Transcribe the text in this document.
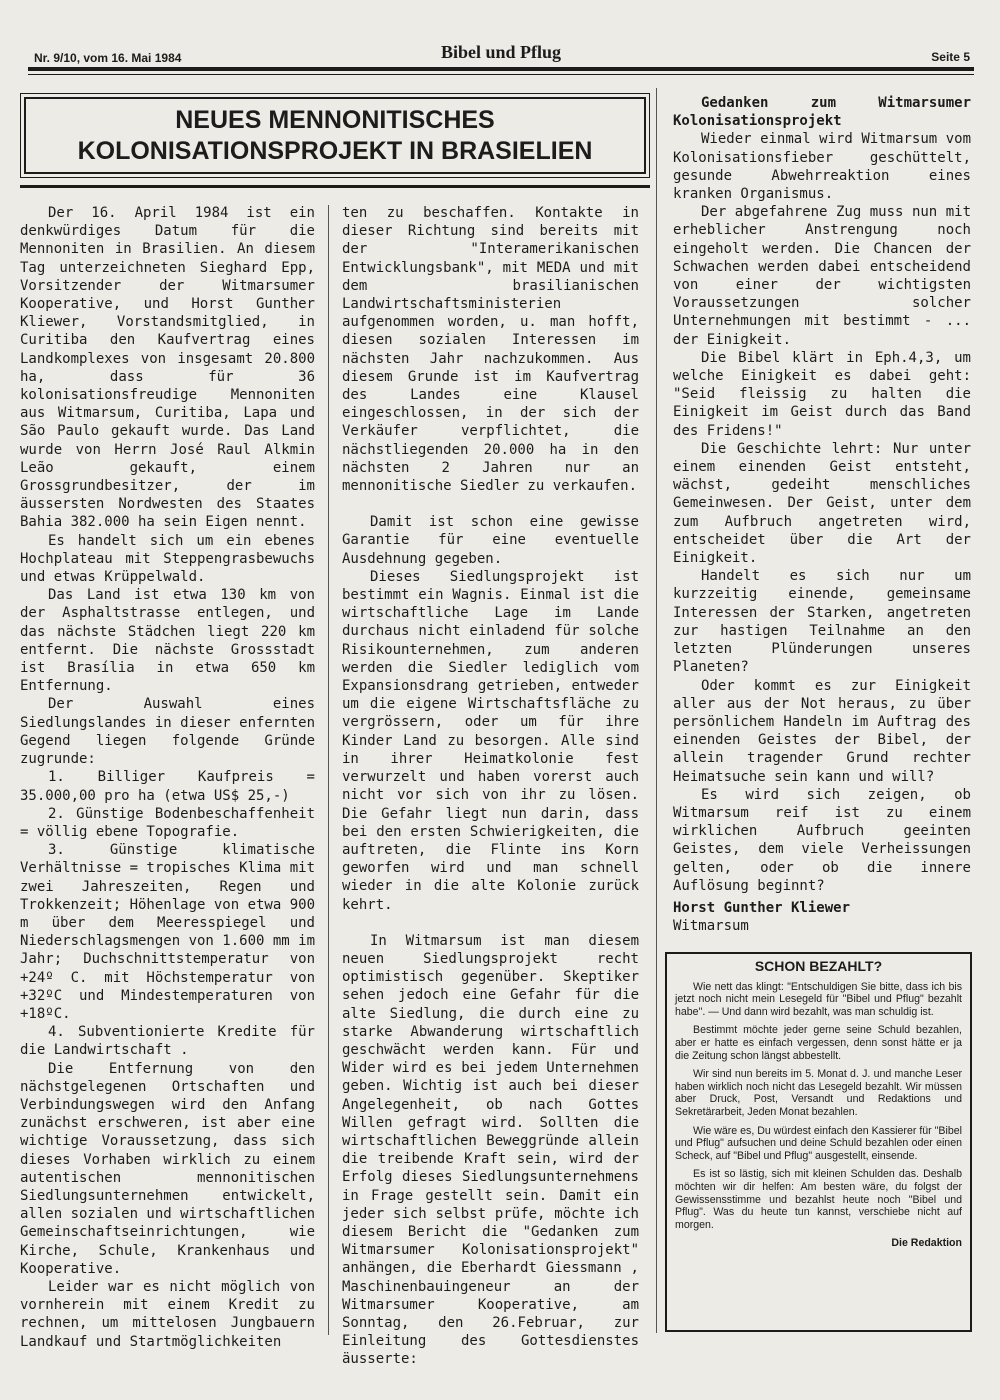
Nr. 9/10, vom 16. Mai 1984	Bibel und Pflug	Seite 5
NEUES MENNONITISCHES
KOLONISATIONSPROJEKT IN BRASIELIEN

Der 16. April 1984 ist ein denkwürdiges Datum für die Mennoniten in Brasilien. An diesem Tag unterzeichneten Sieghard Epp, Vorsitzender der Witmarsumer Kooperative, und Horst Gunther Kliewer, Vorstandsmitglied, in Curitiba den Kaufvertrag eines Landkomplexes von insgesamt 20.800 ha, dass für 36 kolonisationsfreudige Mennoniten aus Witmarsum, Curitiba, Lapa und São Paulo gekauft wurde. Das Land wurde von Herrn José Raul Alkmin Leão gekauft, einem Grossgrundbesitzer, der im äussersten Nordwesten des Staates Bahia 382.000 ha sein Eigen nennt.

Es handelt sich um ein ebenes Hochplateau mit Steppengrasbewuchs und etwas Krüppelwald.

Das Land ist etwa 130 km von der Asphaltstrasse entlegen, und das nächste Städchen liegt 220 km entfernt. Die nächste Grossstadt ist Brasília in etwa 650 km Entfernung.

Der Auswahl eines Siedlungslandes in dieser enfernten Gegend liegen folgende Gründe zugrunde:

1. Billiger Kaufpreis = 35.000,00 pro ha (etwa US$ 25,-)

2. Günstige Bodenbeschaffenheit = völlig ebene Topografie.

3. Günstige klimatische Verhältnisse = tropisches Klima mit zwei Jahreszeiten, Regen und Trokkenzeit; Höhenlage von etwa 900 m über dem Meeresspiegel und Niederschlagsmengen von 1.600 mm im Jahr; Duchschnittstemperatur von +24º C. mit Höchstemperatur von +32ºC und Mindestemperaturen von +18ºC.

4. Subventionierte Kredite für die Landwirtschaft .

Die Entfernung von den nächstgelegenen Ortschaften und Verbindungswegen wird den Anfang zunächst erschweren, ist aber eine wichtige Voraussetzung, dass sich dieses Vorhaben wirklich zu einem autentischen mennonitischen Siedlungsunternehmen entwickelt, allen sozialen und wirtschaftlichen Gemeinschaftseinrichtungen, wie Kirche, Schule, Krankenhaus und Kooperative.

Leider war es nicht möglich von vornherein mit einem Kredit zu rechnen, um mittelosen Jungbauern Landkauf und Startmöglichkeiten

ten zu beschaffen. Kontakte in dieser Richtung sind bereits mit der "Interamerikanischen Entwicklungsbank", mit MEDA und mit dem brasilianischen Landwirtschaftsministerien aufgenommen worden, u. man hofft, diesen sozialen Interessen im nächsten Jahr nachzukommen. Aus diesem Grunde ist im Kaufvertrag des Landes eine Klausel eingeschlossen, in der sich der Verkäufer verpflichtet, die nächstliegenden 20.000 ha in den nächsten 2 Jahren nur an mennonitische Siedler zu verkaufen.

Damit ist schon eine gewisse Garantie für eine eventuelle Ausdehnung gegeben.

Dieses Siedlungsprojekt ist bestimmt ein Wagnis. Einmal ist die wirtschaftliche Lage im Lande durchaus nicht einladend für solche Risikounternehmen, zum anderen werden die Siedler lediglich vom Expansionsdrang getrieben, entweder um die eigene Wirtschaftsfläche zu vergrössern, oder um für ihre Kinder Land zu besorgen. Alle sind in ihrer Heimatkolonie fest verwurzelt und haben vorerst auch nicht vor sich von ihr zu lösen. Die Gefahr liegt nun darin, dass bei den ersten Schwierigkeiten, die auftreten, die Flinte ins Korn geworfen wird und man schnell wieder in die alte Kolonie zurück kehrt.

In Witmarsum ist man diesem neuen Siedlungsprojekt recht optimistisch gegenüber. Skeptiker sehen jedoch eine Gefahr für die alte Siedlung, die durch eine zu starke Abwanderung wirtschaftlich geschwächt werden kann. Für und Wider wird es bei jedem Unternehmen geben. Wichtig ist auch bei dieser Angelegenheit, ob nach Gottes Willen gefragt wird. Sollten die wirtschaftlichen Beweggründe allein die treibende Kraft sein, wird der Erfolg dieses Siedlungsunternehmens in Frage gestellt sein. Damit ein jeder sich selbst prüfe, möchte ich diesem Bericht die "Gedanken zum Witmarsumer Kolonisationsprojekt" anhängen, die Eberhardt Giessmann , Maschinenbauingeneur an der Witmarsumer Kooperative, am Sonntag, den 26.Februar, zur Einleitung des Gottesdienstes äusserte:

Gedanken zum Witmarsumer Kolonisationsprojekt

Wieder einmal wird Witmarsum vom Kolonisationsfieber geschüttelt, gesunde Abwehrreaktion eines kranken Organismus.

Der abgefahrene Zug muss nun mit erheblicher Anstrengung noch eingeholt werden. Die Chancen der Schwachen werden dabei entscheidend von einer der wichtigsten Voraussetzungen solcher Unternehmungen mit bestimmt - ... der Einigkeit.

Die Bibel klärt in Eph.4,3, um welche Einigkeit es dabei geht: "Seid fleissig zu halten die Einigkeit im Geist durch das Band des Fridens!"

Die Geschichte lehrt: Nur unter einem einenden Geist entsteht, wächst, gedeiht menschliches Gemeinwesen. Der Geist, unter dem zum Aufbruch angetreten wird, entscheidet über die Art der Einigkeit.

Handelt es sich nur um kurzzeitig einende, gemeinsame Interessen der Starken, angetreten zur hastigen Teilnahme an den letzten Plünderungen unseres Planeten?

Oder kommt es zur Einigkeit aller aus der Not heraus, zu über persönlichem Handeln im Auftrag des einenden Geistes der Bibel, der allein tragender Grund rechter Heimatsuche sein kann und will?

Es wird sich zeigen, ob Witmarsum reif ist zu einem wirklichen Aufbruch geeinten Geistes, dem viele Verheissungen gelten, oder ob die innere Auflösung beginnt?

Horst Gunther Kliewer

Witmarsum

SCHON BEZAHLT?

Wie nett das klingt: "Entschuldigen Sie bitte, dass ich bis jetzt noch nicht mein Lesegeld für "Bibel und Pflug" bezahlt habe". — Und dann wird bezahlt, was man schuldig ist.

Bestimmt möchte jeder gerne seine Schuld bezahlen, aber er hatte es einfach vergessen, denn sonst hätte er ja die Zeitung schon längst abbestellt.

Wir sind nun bereits im 5. Monat d. J. und manche Leser haben wirklich noch nicht das Lesegeld bezahlt. Wir müssen aber Druck, Post, Versandt und Redaktions und Sekretärarbeit, Jeden Monat bezahlen.

Wie wäre es, Du würdest einfach den Kassierer für "Bibel und Pflug" aufsuchen und deine Schuld bezahlen oder einen Scheck, auf "Bibel und Pflug" ausgestellt, einsende.

Es ist so lästig, sich mit kleinen Schulden das. Deshalb möchten wir dir helfen: Am besten wäre, du folgst der Gewissensstimme und bezahlst heute noch "Bibel und Pflug". Was du heute tun kannst, verschiebe nicht auf morgen.

Die Redaktion
